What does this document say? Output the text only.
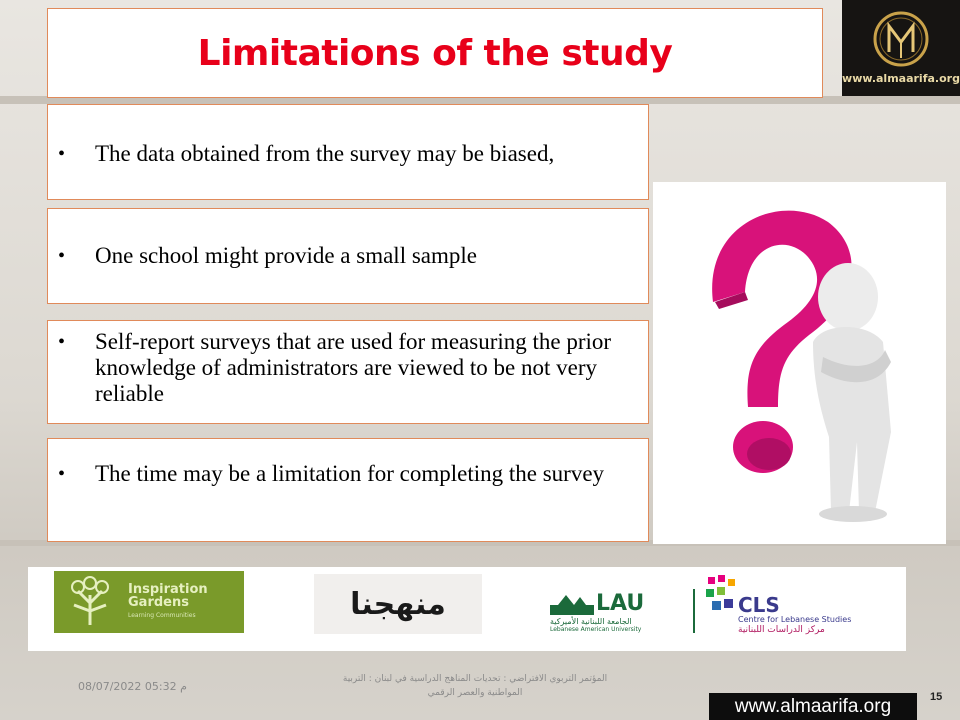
Limitations of the study
www.almaarifa.org
• The data obtained from the survey may be biased,
• One school might provide a small sample
• Self-report surveys that are used for measuring the prior knowledge of administrators are viewed to be not very reliable
• The time may be a limitation for completing the survey
Inspiration
Gardens
Learning Communities	منهجنا	LAU
الجامعة اللبنانية الأميركية
Lebanese American University
CLS
Centre for Lebanese Studies
مركز الدراسات اللبنانية
م 05:32 08/07/2022
المؤتمر التربوي الافتراضي : تحديات المناهج الدراسية في لبنان : التربية المواطنية والعصر الرقمي
www.almaarifa.org	15
